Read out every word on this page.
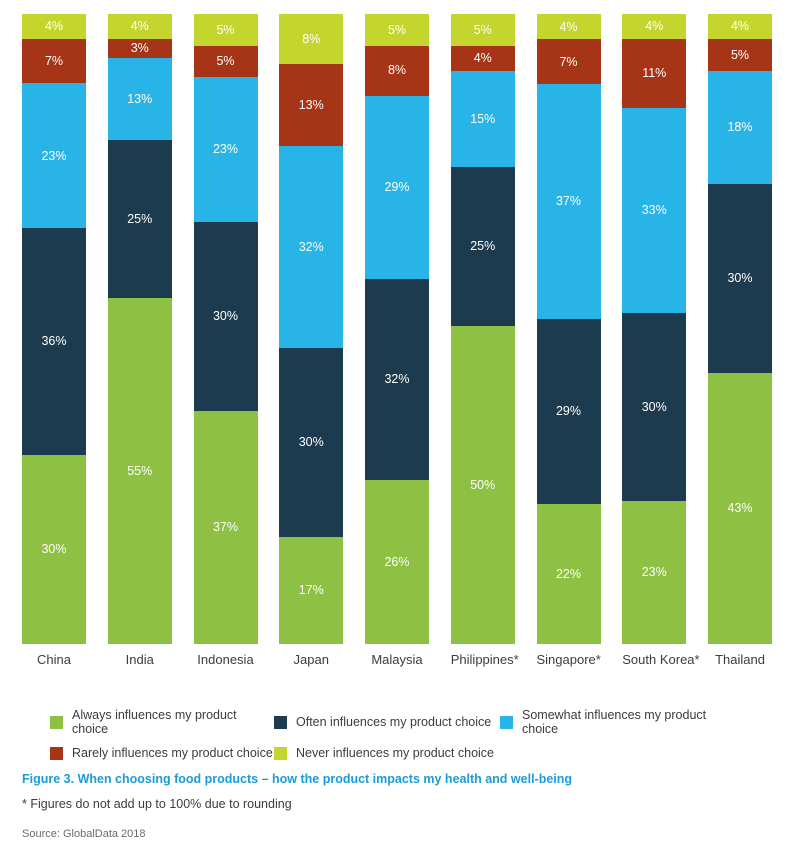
4%
7%
23%
36%
30%
4%
3%
13%
25%
55%
5%
5%
23%
30%
37%
8%
13%
32%
30%
17%
5%
8%
29%
32%
26%
5%
4%
15%
25%
50%
4%
7%
37%
29%
22%
4%
11%
33%
30%
23%
4%
5%
18%
30%
43%
China	India	Indonesia	Japan	Malaysia	Philippines* Singapore* South Korea*	Thailand
Always influences my product choice	Often influences my product choice Somewhat influences my product choice
Rarely influences my product choice Never influences my product choice
Figure 3. When choosing food products – how the product impacts my health and well-being
* Figures do not add up to 100% due to rounding
Source: GlobalData 2018
